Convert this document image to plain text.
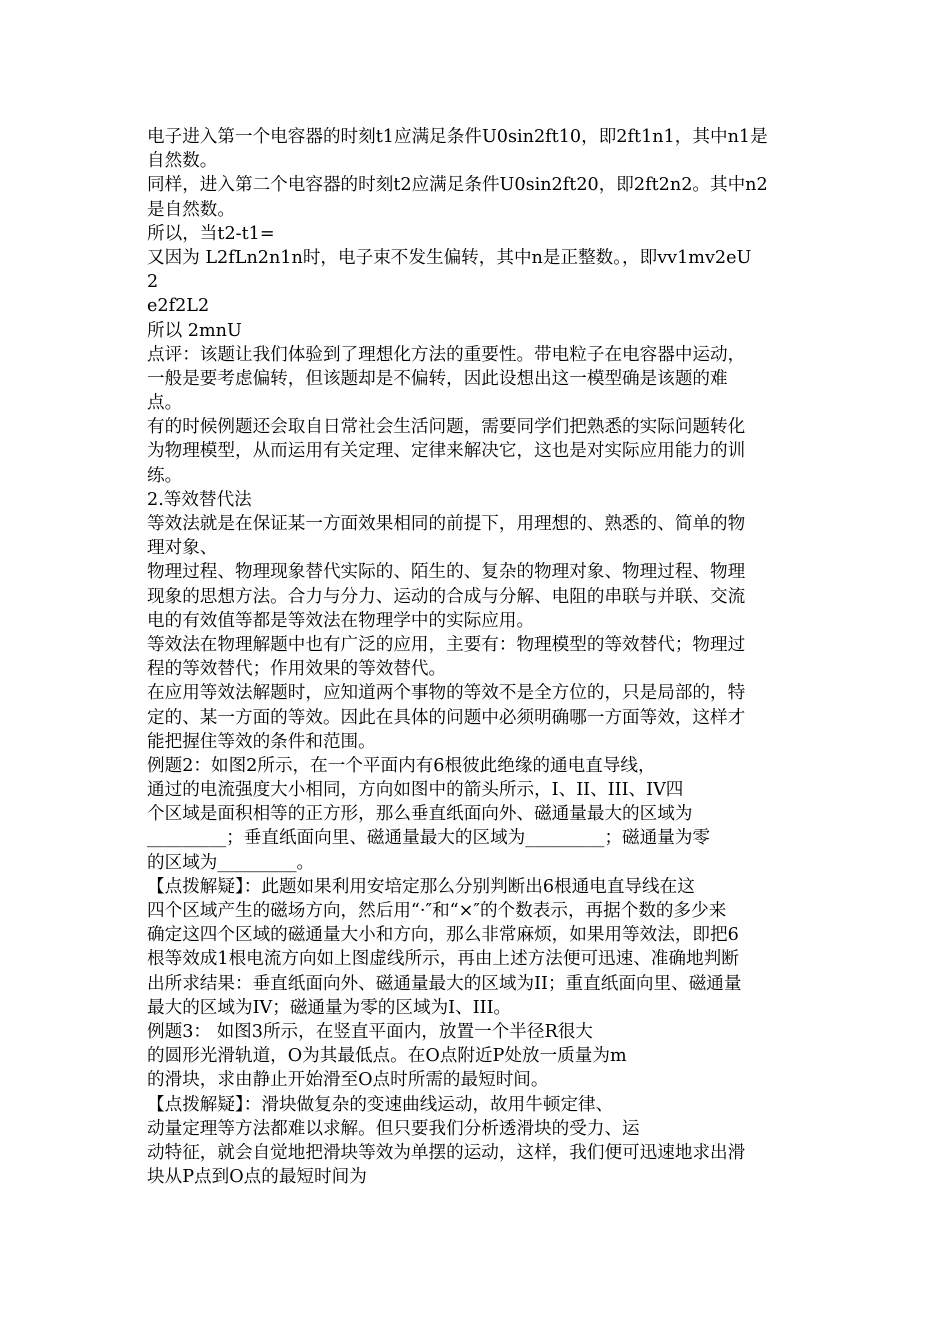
电子进入第一个电容器的时刻t1应满足条件U0sin2ft10，即2ft1n1，其中n1是
自然数。
同样，进入第二个电容器的时刻t2应满足条件U0sin2ft20，即2ft2n2。其中n2
是自然数。
所以，当t2-t1=
又因为 L2fLn2n1n时，电子束不发生偏转，其中n是正整数。，即vv1mv2eU
2
e2f2L2
所以 2mnU
点评：该题让我们体验到了理想化方法的重要性。带电粒子在电容器中运动，
一般是要考虑偏转，但该题却是不偏转，因此设想出这一模型确是该题的难
点。
有的时候例题还会取自日常社会生活问题，需要同学们把熟悉的实际问题转化
为物理模型，从而运用有关定理、定律来解决它，这也是对实际应用能力的训
练。
2.等效替代法
等效法就是在保证某一方面效果相同的前提下，用理想的、熟悉的、简单的物
理对象、
物理过程、物理现象替代实际的、陌生的、复杂的物理对象、物理过程、物理
现象的思想方法。合力与分力、运动的合成与分解、电阻的串联与并联、交流
电的有效值等都是等效法在物理学中的实际应用。
等效法在物理解题中也有广泛的应用，主要有：物理模型的等效替代；物理过
程的等效替代；作用效果的等效替代。
在应用等效法解题时，应知道两个事物的等效不是全方位的，只是局部的，特
定的、某一方面的等效。因此在具体的问题中必须明确哪一方面等效，这样才
能把握住等效的条件和范围。
例题2：如图2所示，在一个平面内有6根彼此绝缘的通电直导线，
通过的电流强度大小相同，方向如图中的箭头所示，I、II、III、IV四
个区域是面积相等的正方形，那么垂直纸面向外、磁通量最大的区域为
_________；垂直纸面向里、磁通量最大的区域为_________；磁通量为零
的区域为_________。
【点拨解疑】：此题如果利用安培定那么分别判断出6根通电直导线在这
四个区域产生的磁场方向，然后用“·″和“×″的个数表示，再据个数的多少来
确定这四个区域的磁通量大小和方向，那么非常麻烦，如果用等效法，即把6
根等效成1根电流方向如上图虚线所示，再由上述方法便可迅速、准确地判断
出所求结果：垂直纸面向外、磁通量最大的区域为II；重直纸面向里、磁通量
最大的区域为IV；磁通量为零的区域为I、III。
例题3： 如图3所示，在竖直平面内，放置一个半径R很大
的圆形光滑轨道，O为其最低点。在O点附近P处放一质量为m
的滑块，求由静止开始滑至O点时所需的最短时间。
【点拨解疑】：滑块做复杂的变速曲线运动，故用牛顿定律、
动量定理等方法都难以求解。但只要我们分析透滑块的受力、运
动特征，就会自觉地把滑块等效为单摆的运动，这样，我们便可迅速地求出滑
块从P点到O点的最短时间为
